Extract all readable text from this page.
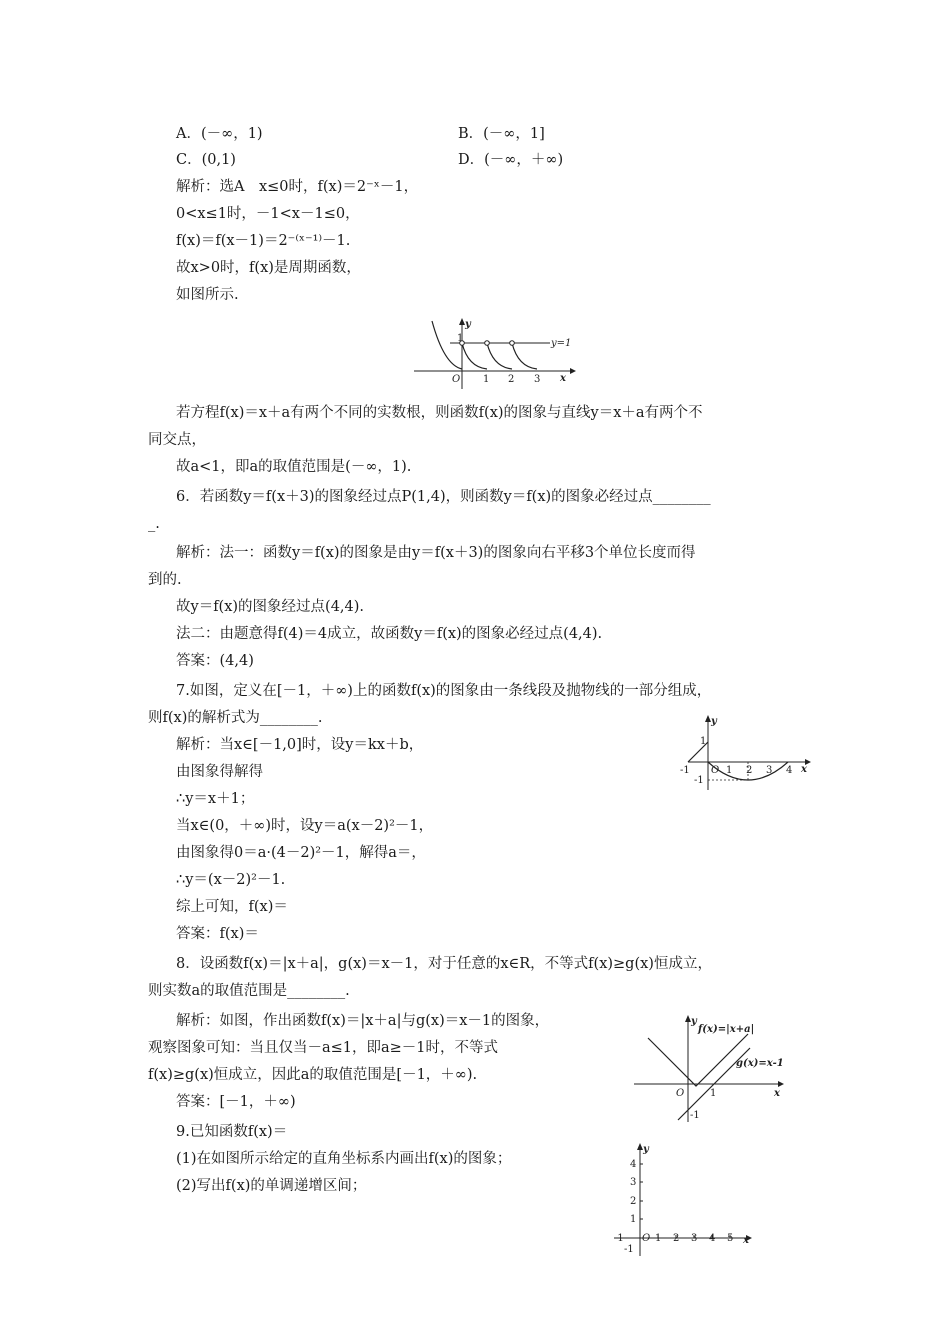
A．(－∞，1)	B．(－∞，1]
C．(0,1)	D．(－∞，＋∞)
解析：选A　x≤0时，f(x)＝2⁻ˣ－1，
0<x≤1时，－1<x－1≤0，
f(x)＝f(x－1)＝2⁻⁽ˣ⁻¹⁾－1.
故x>0时，f(x)是周期函数，
如图所示.
若方程f(x)＝x＋a有两个不同的实数根，则函数f(x)的图象与直线y＝x＋a有两个不
同交点，
故a<1，即a的取值范围是(－∞，1).
6．若函数y＝f(x＋3)的图象经过点P(1,4)，则函数y＝f(x)的图象必经过点________
_.
解析：法一：函数y＝f(x)的图象是由y＝f(x＋3)的图象向右平移3个单位长度而得
到的.
故y＝f(x)的图象经过点(4,4).
法二：由题意得f(4)＝4成立，故函数y＝f(x)的图象必经过点(4,4).
答案：(4,4)
7.如图，定义在[－1，＋∞)上的函数f(x)的图象由一条线段及抛物线的一部分组成，
则f(x)的解析式为________.
解析：当x∈[－1,0]时，设y＝kx＋b，
由图象得解得
∴y＝x＋1；
当x∈(0，＋∞)时，设y＝a(x－2)²－1，
由图象得0＝a·(4－2)²－1，解得a＝，
∴y＝(x－2)²－1.
综上可知，f(x)＝
答案：f(x)＝
8．设函数f(x)＝|x＋a|，g(x)＝x－1，对于任意的x∈R，不等式f(x)≥g(x)恒成立，
则实数a的取值范围是________.
解析：如图，作出函数f(x)＝|x＋a|与g(x)＝x－1的图象，
观察图象可知：当且仅当－a≤1，即a≥－1时，不等式
f(x)≥g(x)恒成立，因此a的取值范围是[－1，＋∞).
答案：[－1，＋∞)
9.已知函数f(x)＝
(1)在如图所示给定的直角坐标系内画出f(x)的图象；
(2)写出f(x)的单调递增区间；
y
x
O
1
1 2 3
y=1
y
x
O
1
-1
-1	1 2 3 4
y
x
O	1
-1
f(x)=|x+a|
g(x)=x-1
y
x
O
4
3
2
1
-1
-1	1 2 3 4 5
